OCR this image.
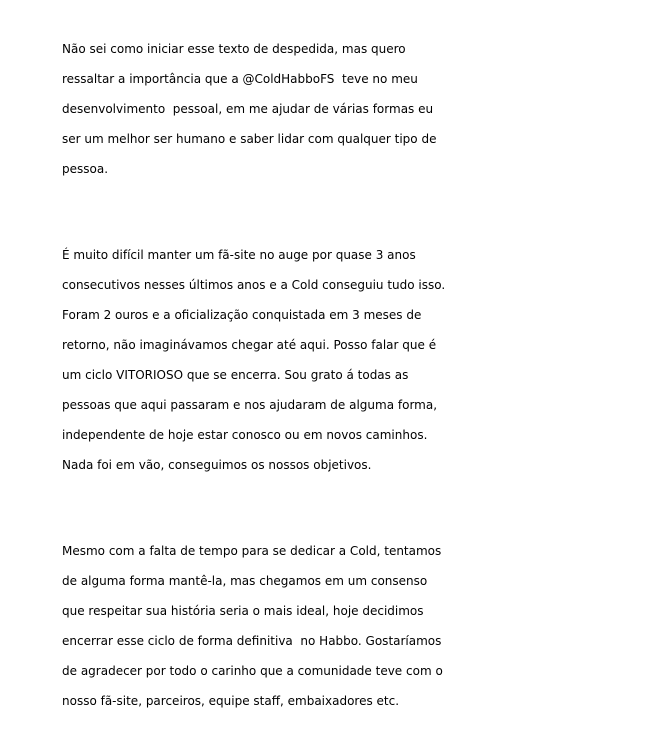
Não sei como iniciar esse texto de despedida, mas quero
ressaltar a importância que a @ColdHabboFS  teve no meu
desenvolvimento  pessoal, em me ajudar de várias formas eu
ser um melhor ser humano e saber lidar com qualquer tipo de
pessoa.
É muito difícil manter um fã-site no auge por quase 3 anos
consecutivos nesses últimos anos e a Cold conseguiu tudo isso.
Foram 2 ouros e a oficialização conquistada em 3 meses de
retorno, não imaginávamos chegar até aqui. Posso falar que é
um ciclo VITORIOSO que se encerra. Sou grato á todas as
pessoas que aqui passaram e nos ajudaram de alguma forma,
independente de hoje estar conosco ou em novos caminhos.
Nada foi em vão, conseguimos os nossos objetivos.
Mesmo com a falta de tempo para se dedicar a Cold, tentamos
de alguma forma mantê-la, mas chegamos em um consenso
que respeitar sua história seria o mais ideal, hoje decidimos
encerrar esse ciclo de forma definitiva  no Habbo. Gostaríamos
de agradecer por todo o carinho que a comunidade teve com o
nosso fã-site, parceiros, equipe staff, embaixadores etc.
